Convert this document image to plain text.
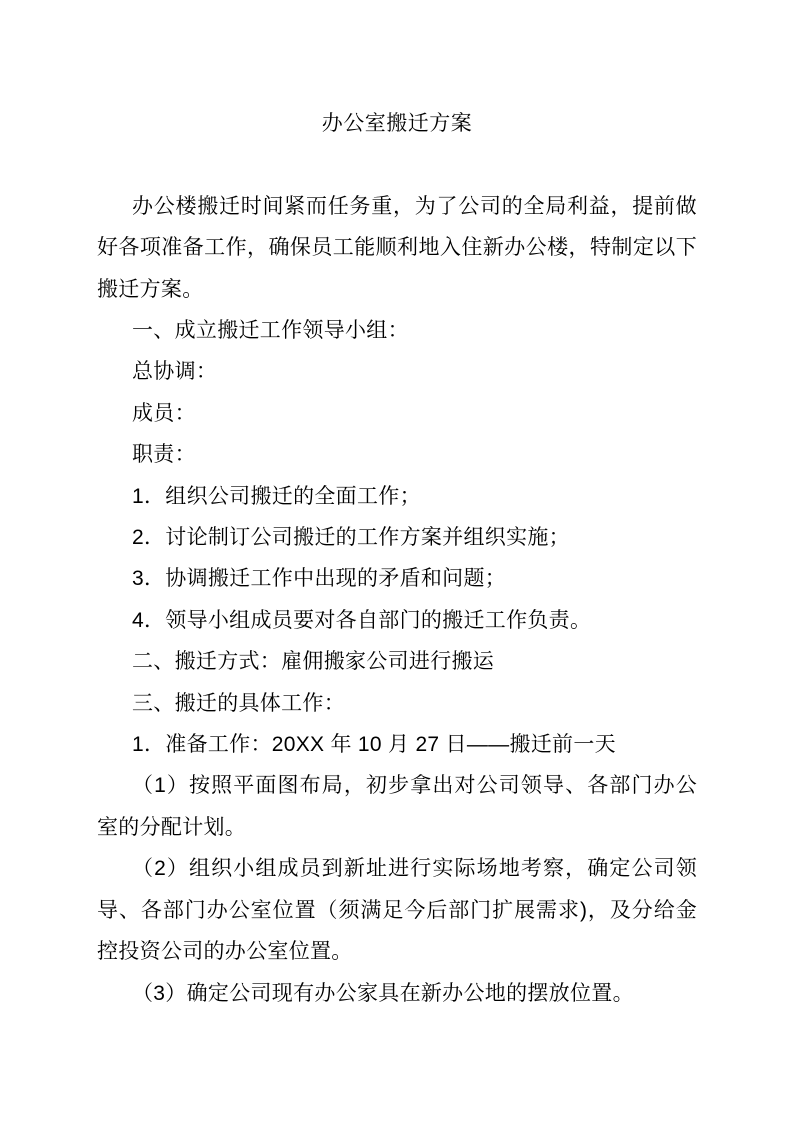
办公室搬迁方案

办公楼搬迁时间紧而任务重，为了公司的全局利益，提前做好各项准备工作，确保员工能顺利地入住新办公楼，特制定以下搬迁方案。

一、成立搬迁工作领导小组：

总协调：

成员：

职责：

1．组织公司搬迁的全面工作；

2．讨论制订公司搬迁的工作方案并组织实施；

3．协调搬迁工作中出现的矛盾和问题；

4．领导小组成员要对各自部门的搬迁工作负责。

二、搬迁方式：雇佣搬家公司进行搬运

三、搬迁的具体工作：

1．准备工作：20XX 年 10 月 27 日——搬迁前一天

（1）按照平面图布局，初步拿出对公司领导、各部门办公室的分配计划。

（2）组织小组成员到新址进行实际场地考察，确定公司领导、各部门办公室位置（须满足今后部门扩展需求)，及分给金控投资公司的办公室位置。

（3）确定公司现有办公家具在新办公地的摆放位置。
